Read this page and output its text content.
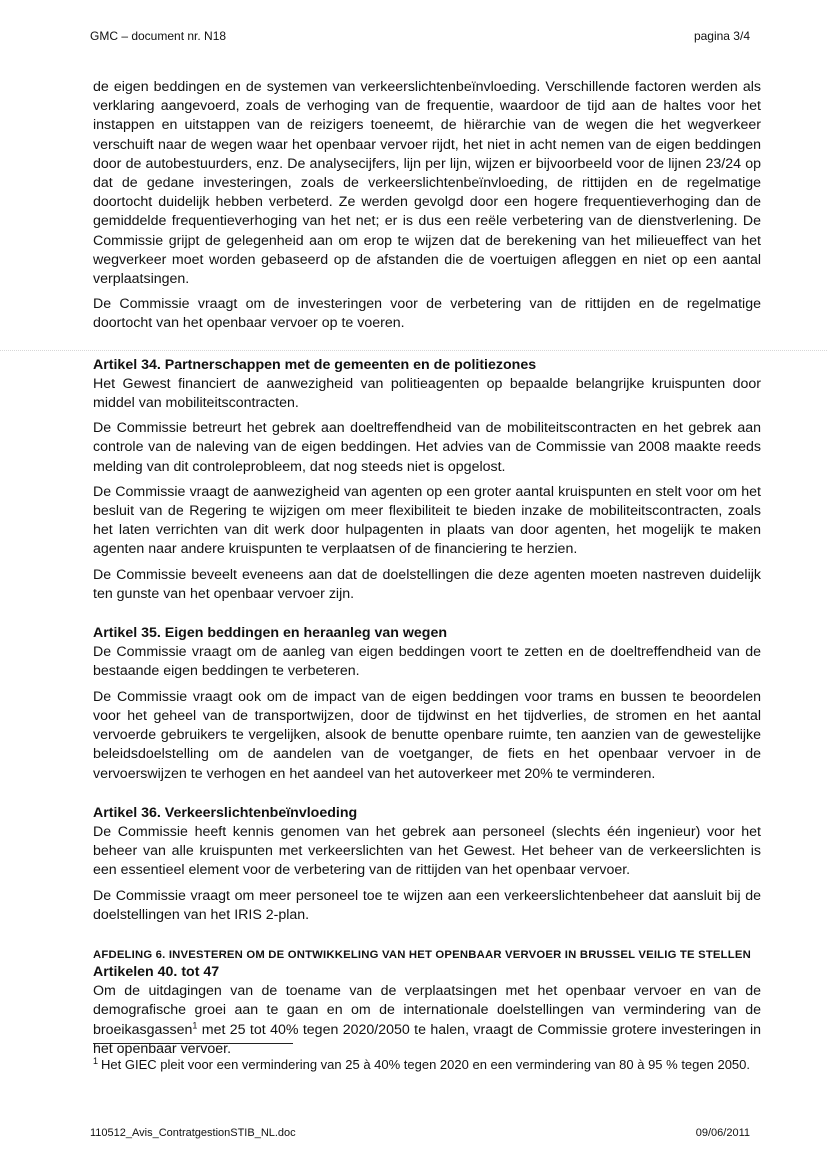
GMC – document nr. N18	pagina 3/4

de eigen beddingen en de systemen van verkeerslichtenbeïnvloeding. Verschillende factoren werden als verklaring aangevoerd, zoals de verhoging van de frequentie, waardoor de tijd aan de haltes voor het instappen en uitstappen van de reizigers toeneemt, de hiërarchie van de wegen die het wegverkeer verschuift naar de wegen waar het openbaar vervoer rijdt, het niet in acht nemen van de eigen beddingen door de autobestuurders, enz. De analysecijfers, lijn per lijn, wijzen er bijvoorbeeld voor de lijnen 23/24 op dat de gedane investeringen, zoals de verkeerslichtenbeïnvloeding, de rittijden en de regelmatige doortocht duidelijk hebben verbeterd. Ze werden gevolgd door een hogere frequentieverhoging dan de gemiddelde frequentieverhoging van het net; er is dus een reële verbetering van de dienstverlening. De Commissie grijpt de gelegenheid aan om erop te wijzen dat de berekening van het milieueffect van het wegverkeer moet worden gebaseerd op de afstanden die de voertuigen afleggen en niet op een aantal verplaatsingen.

De Commissie vraagt om de investeringen voor de verbetering van de rittijden en de regelmatige doortocht van het openbaar vervoer op te voeren.

Artikel 34. Partnerschappen met de gemeenten en de politiezones

Het Gewest financiert de aanwezigheid van politieagenten op bepaalde belangrijke kruispunten door middel van mobiliteitscontracten.

De Commissie betreurt het gebrek aan doeltreffendheid van de mobiliteitscontracten en het gebrek aan controle van de naleving van de eigen beddingen. Het advies van de Commissie van 2008 maakte reeds melding van dit controleprobleem, dat nog steeds niet is opgelost.

De Commissie vraagt de aanwezigheid van agenten op een groter aantal kruispunten en stelt voor om het besluit van de Regering te wijzigen om meer flexibiliteit te bieden inzake de mobiliteitscontracten, zoals het laten verrichten van dit werk door hulpagenten in plaats van door agenten, het mogelijk te maken agenten naar andere kruispunten te verplaatsen of de financiering te herzien.

De Commissie beveelt eveneens aan dat de doelstellingen die deze agenten moeten nastreven duidelijk ten gunste van het openbaar vervoer zijn.

Artikel 35. Eigen beddingen en heraanleg van wegen

De Commissie vraagt om de aanleg van eigen beddingen voort te zetten en de doeltreffendheid van de bestaande eigen beddingen te verbeteren.

De Commissie vraagt ook om de impact van de eigen beddingen voor trams en bussen te beoordelen voor het geheel van de transportwijzen, door de tijdwinst en het tijdverlies, de stromen en het aantal vervoerde gebruikers te vergelijken, alsook de benutte openbare ruimte, ten aanzien van de gewestelijke beleidsdoelstelling om de aandelen van de voetganger, de fiets en het openbaar vervoer in de vervoerswijzen te verhogen en het aandeel van het autoverkeer met 20% te verminderen.

Artikel 36. Verkeerslichtenbeïnvloeding

De Commissie heeft kennis genomen van het gebrek aan personeel (slechts één ingenieur) voor het beheer van alle kruispunten met verkeerslichten van het Gewest. Het beheer van de verkeerslichten is een essentieel element voor de verbetering van de rittijden van het openbaar vervoer.

De Commissie vraagt om meer personeel toe te wijzen aan een verkeerslichtenbeheer dat aansluit bij de doelstellingen van het IRIS 2-plan.

AFDELING 6. INVESTEREN OM DE ONTWIKKELING VAN HET OPENBAAR VERVOER IN BRUSSEL VEILIG TE STELLEN
Artikelen 40. tot 47

Om de uitdagingen van de toename van de verplaatsingen met het openbaar vervoer en van de demografische groei aan te gaan en om de internationale doelstellingen van vermindering van de broeikasgassen$^1$ met 25 tot 40% tegen 2020/2050 te halen, vraagt de Commissie grotere investeringen in het openbaar vervoer.

$^1$ Het GIEC pleit voor een vermindering van 25 à 40% tegen 2020 en een vermindering van 80 à 95 % tegen 2050.
110512_Avis_ContratgestionSTIB_NL.doc	09/06/2011
